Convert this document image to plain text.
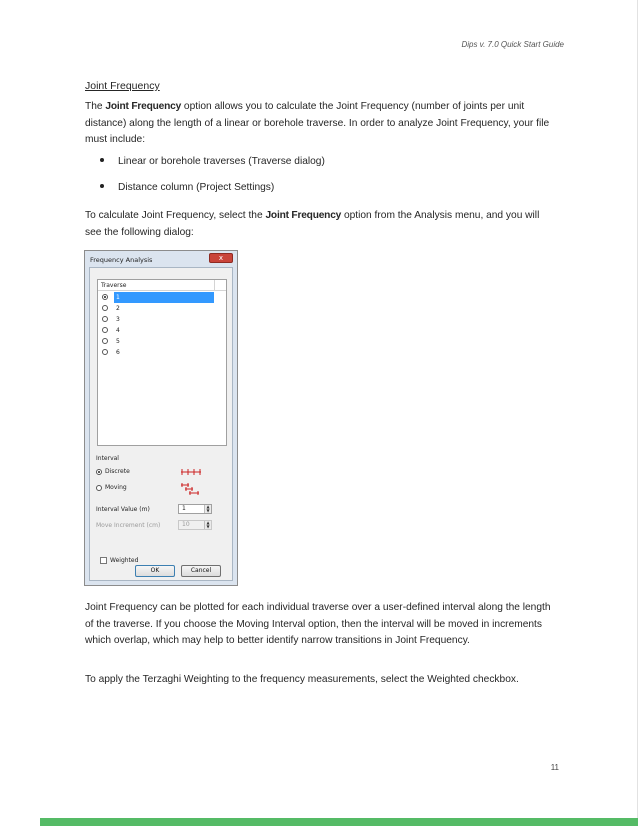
Dips v. 7.0 Quick Start Guide
Joint Frequency
The Joint Frequency option allows you to calculate the Joint Frequency (number of joints per unit distance) along the length of a linear or borehole traverse. In order to analyze Joint Frequency, your file must include:
Linear or borehole traverses (Traverse dialog)
Distance column (Project Settings)
To calculate Joint Frequency, select the Joint Frequency option from the Analysis menu, and you will see the following dialog:
Frequency Analysis	x
Traverse
1
2
3
4
5
6
Interval
Discrete
Moving
Interval Value (m)	1	▲
▼
Move Increment (cm)	10	▲
▼
Weighted
OK	Cancel
Joint Frequency can be plotted for each individual traverse over a user-defined interval along the length of the traverse. If you choose the Moving Interval option, then the interval will be moved in increments which overlap, which may help to better identify narrow transitions in Joint Frequency.
To apply the Terzaghi Weighting to the frequency measurements, select the Weighted checkbox.
11
